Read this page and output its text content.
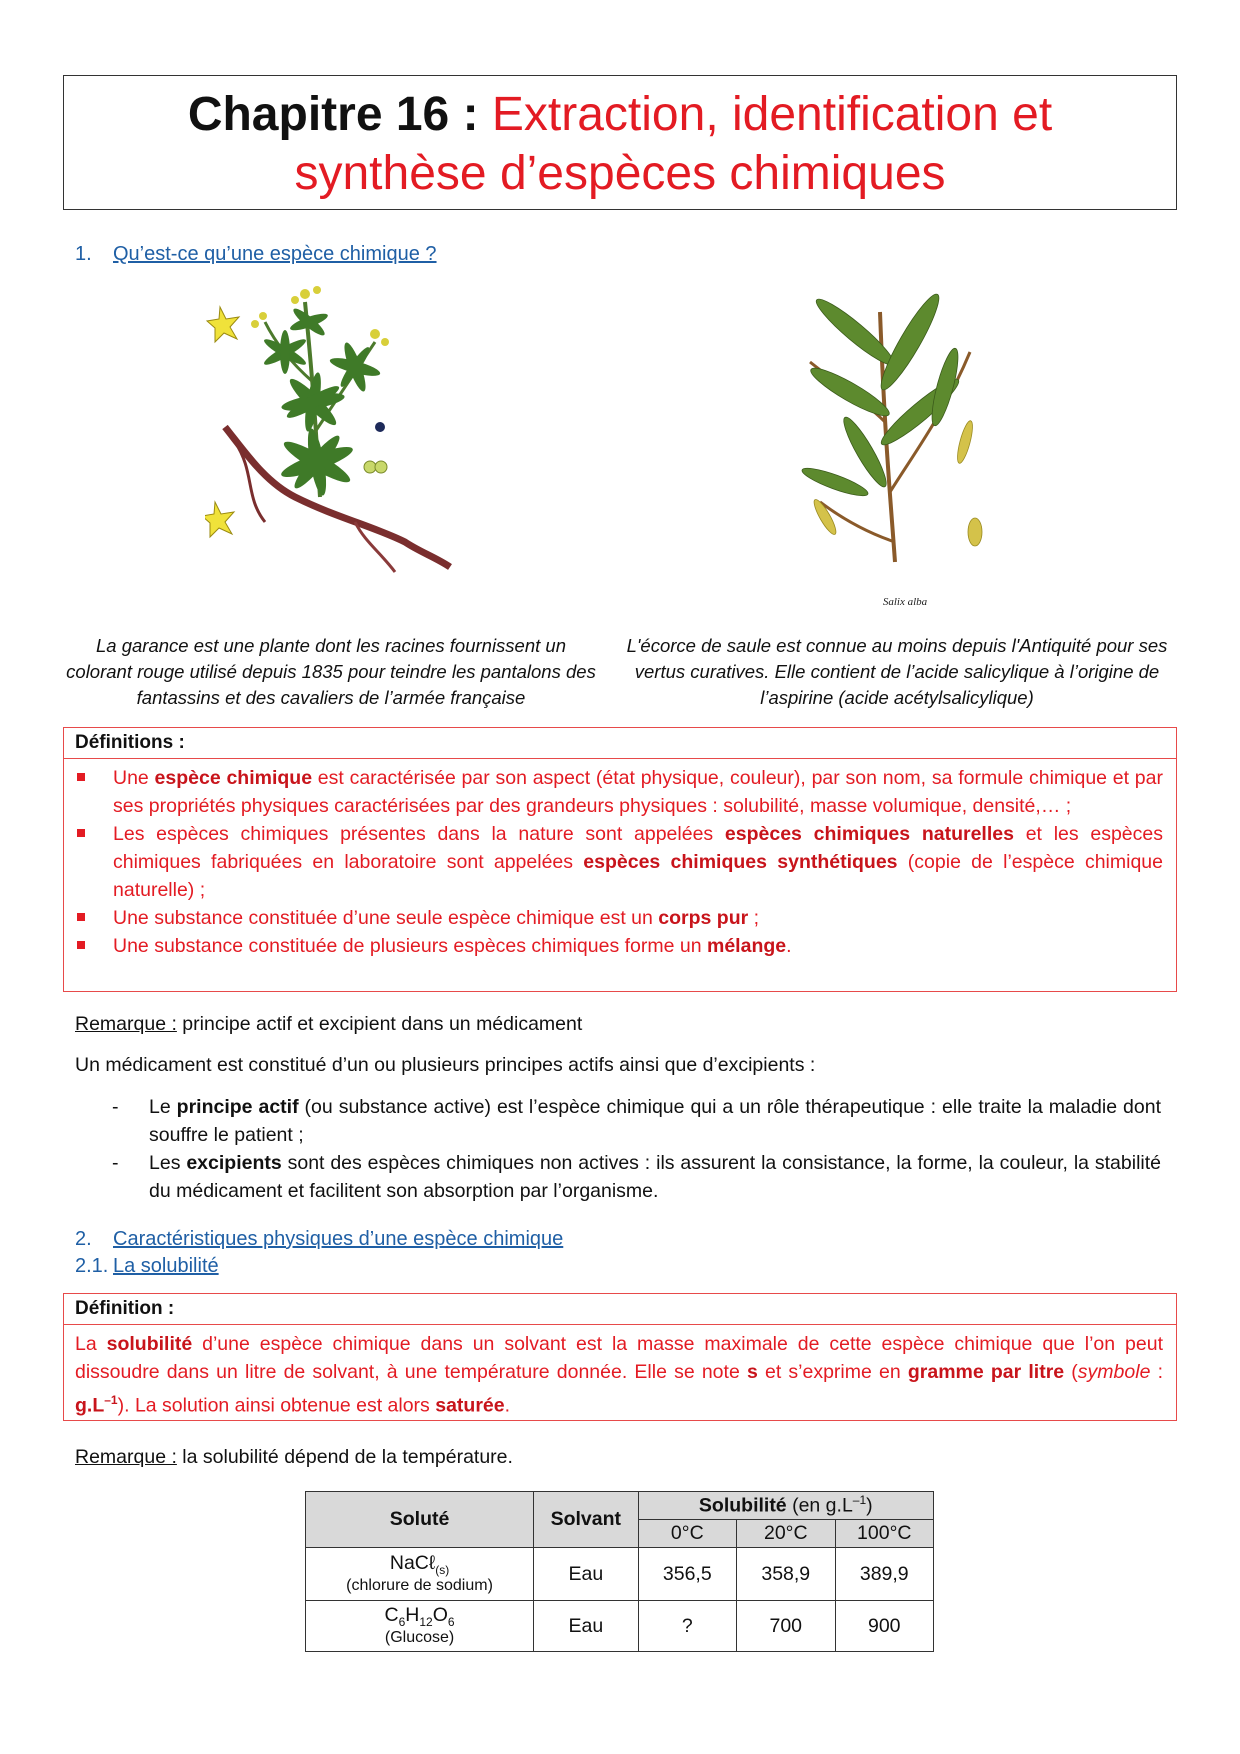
Chapitre 16 : Extraction, identification et
synthèse d’espèces chimiques
1. Qu’est-ce qu’une espèce chimique ?
Salix alba
La garance est une plante dont les racines fournissent un colorant rouge utilisé depuis 1835 pour teindre les pantalons des fantassins et des cavaliers de l’armée française
L'écorce de saule est connue au moins depuis l'Antiquité pour ses vertus curatives. Elle contient de l’acide salicylique à l’origine de l’aspirine (acide acétylsalicylique)
Définitions :
Une espèce chimique est caractérisée par son aspect (état physique, couleur), par son nom, sa formule chimique et par ses propriétés physiques caractérisées par des grandeurs physiques : solubilité, masse volumique, densité,… ;
Les espèces chimiques présentes dans la nature sont appelées espèces chimiques naturelles et les espèces chimiques fabriquées en laboratoire sont appelées espèces chimiques synthétiques (copie de l’espèce chimique naturelle) ;
Une substance constituée d’une seule espèce chimique est un corps pur ;
Une substance constituée de plusieurs espèces chimiques forme un mélange.
Remarque : principe actif et excipient dans un médicament
Un médicament est constitué d’un ou plusieurs principes actifs ainsi que d’excipients :
- Le principe actif (ou substance active) est l’espèce chimique qui a un rôle thérapeutique : elle traite la maladie dont souffre le patient ;
- Les excipients sont des espèces chimiques non actives : ils assurent la consistance, la forme, la couleur, la stabilité du médicament et facilitent son absorption par l’organisme.
2. Caractéristiques physiques d’une espèce chimique
2.1. La solubilité
Définition :
La solubilité d’une espèce chimique dans un solvant est la masse maximale de cette espèce chimique que l’on peut dissoudre dans un litre de solvant, à une température donnée. Elle se note s et s’exprime en gramme par litre (symbole : $g.L^{-1}$). La solution ainsi obtenue est alors saturée.
Remarque : la solubilité dépend de la température.
Soluté	Solvant	Solubilité (en $g.L^{-1}$)		
		0°C	20°C	100°C
NaCℓ$_{(s)}$
(chlorure de sodium)	Eau	356,5	358,9	389,9
$C_6H_{12}O_6$
(Glucose)	Eau	?	700	900
